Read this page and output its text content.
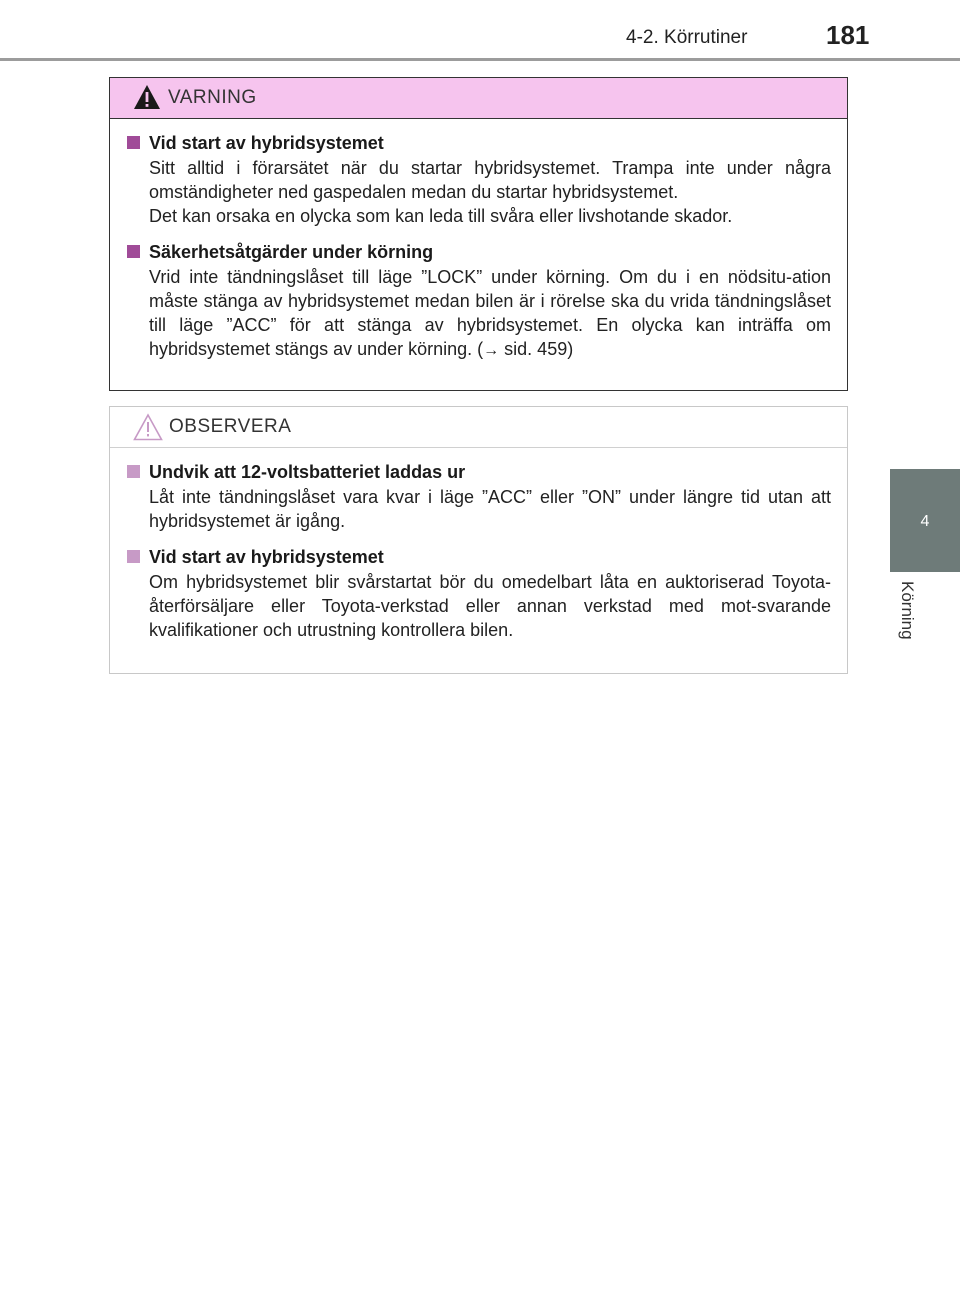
4-2. Körrutiner	181
4
Körning
VARNING
Vid start av hybridsystemet

Sitt alltid i förarsätet när du startar hybridsystemet. Trampa inte under några omständigheter ned gaspedalen medan du startar hybridsystemet.

Det kan orsaka en olycka som kan leda till svåra eller livshotande skador.

Säkerhetsåtgärder under körning

Vrid inte tändningslåset till läge ”LOCK” under körning. Om du i en nödsitu-ation måste stänga av hybridsystemet medan bilen är i rörelse ska du vrida tändningslåset till läge ”ACC” för att stänga av hybridsystemet. En olycka kan inträffa om hybridsystemet stängs av under körning. (→ sid. 459)

OBSERVERA
Undvik att 12-voltsbatteriet laddas ur

Låt inte tändningslåset vara kvar i läge ”ACC” eller ”ON” under längre tid utan att hybridsystemet är igång.

Vid start av hybridsystemet

Om hybridsystemet blir svårstartat bör du omedelbart låta en auktoriserad Toyota-återförsäljare eller Toyota-verkstad eller annan verkstad med mot-svarande kvalifikationer och utrustning kontrollera bilen.
